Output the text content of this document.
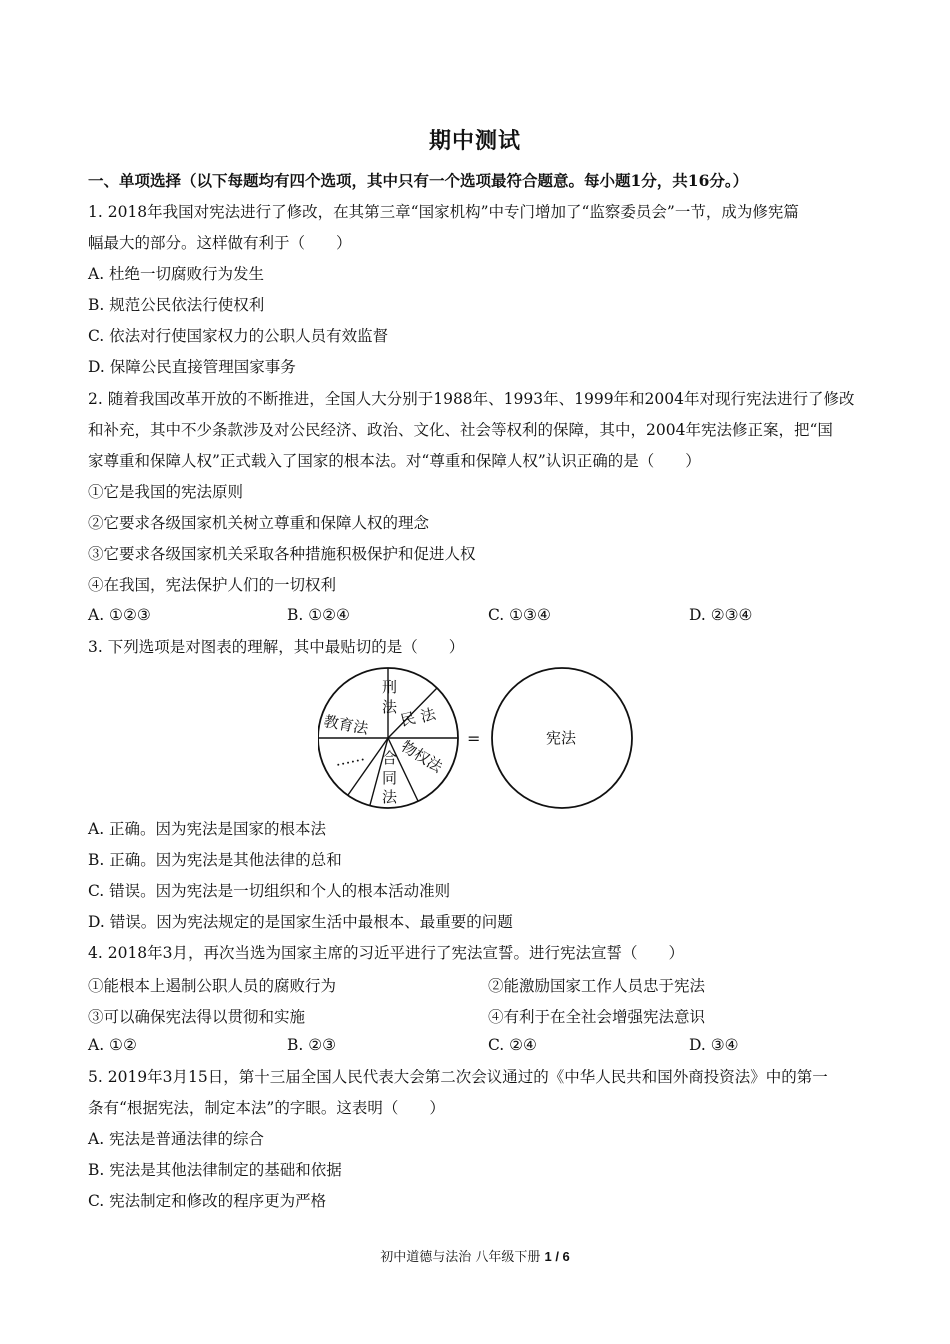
期中测试
一、单项选择（以下每题均有四个选项，其中只有一个选项最符合题意。每小题1分，共16分。）
1. 2018年我国对宪法进行了修改，在其第三章“国家机构”中专门增加了“监察委员会”一节，成为修宪篇
幅最大的部分。这样做有利于（　　）
A. 杜绝一切腐败行为发生
B. 规范公民依法行使权利
C. 依法对行使国家权力的公职人员有效监督
D. 保障公民直接管理国家事务
2. 随着我国改革开放的不断推进，全国人大分别于1988年、1993年、1999年和2004年对现行宪法进行了修改
和补充，其中不少条款涉及对公民经济、政治、文化、社会等权利的保障，其中，2004年宪法修正案，把“国
家尊重和保障人权”正式载入了国家的根本法。对“尊重和保障人权”认识正确的是（　　）
①它是我国的宪法原则
②它要求各级国家机关树立尊重和保障人权的理念
③它要求各级国家机关采取各种措施积极保护和促进人权
④在我国，宪法保护人们的一切权利
A. ①②③	B. ①②④	C. ①③④	D. ②③④
3. 下列选项是对图表的理解，其中最贴切的是（　　）
刑
法
民 法
物权法
合
同
法
……
教育法
=	宪法
A. 正确。因为宪法是国家的根本法
B. 正确。因为宪法是其他法律的总和
C. 错误。因为宪法是一切组织和个人的根本活动准则
D. 错误。因为宪法规定的是国家生活中最根本、最重要的问题
4. 2018年3月，再次当选为国家主席的习近平进行了宪法宣誓。进行宪法宣誓（　　）
①能根本上遏制公职人员的腐败行为	②能激励国家工作人员忠于宪法
③可以确保宪法得以贯彻和实施	④有利于在全社会增强宪法意识
A. ①②	B. ②③	C. ②④	D. ③④
5. 2019年3月15日，第十三届全国人民代表大会第二次会议通过的《中华人民共和国外商投资法》中的第一
条有“根据宪法，制定本法”的字眼。这表明（　　）
A. 宪法是普通法律的综合
B. 宪法是其他法律制定的基础和依据
C. 宪法制定和修改的程序更为严格
初中道德与法治 八年级下册 1 / 6
